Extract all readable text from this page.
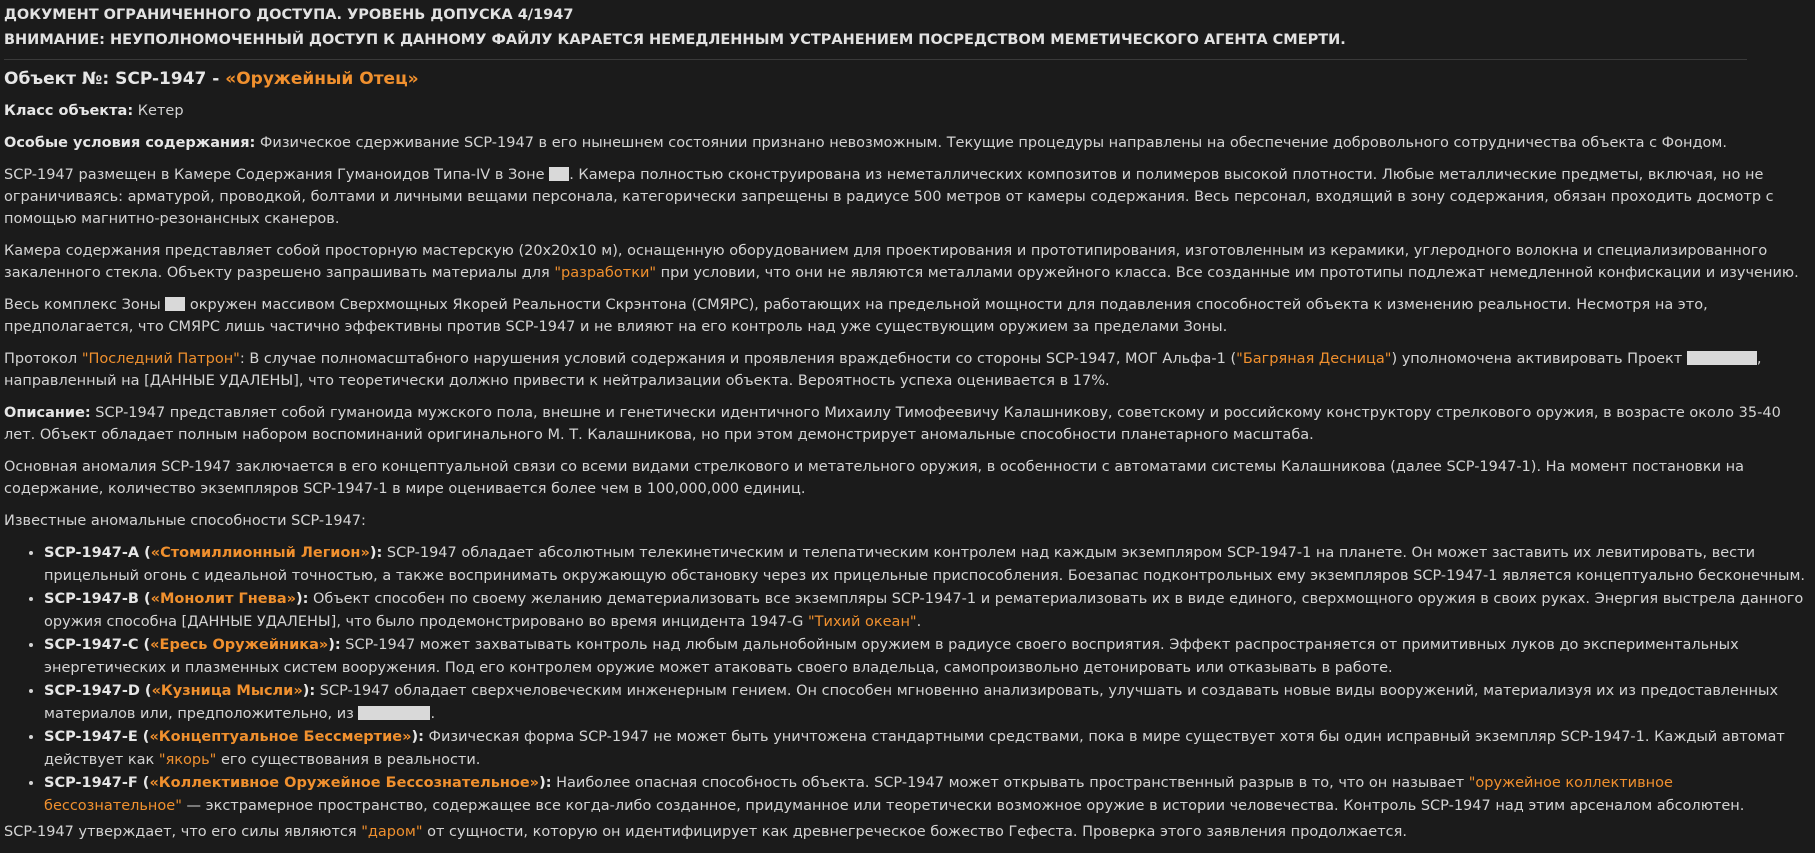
ДОКУМЕНТ ОГРАНИЧЕННОГО ДОСТУПА. УРОВЕНЬ ДОПУСКА 4/1947
ВНИМАНИЕ: НЕУПОЛНОМОЧЕННЫЙ ДОСТУП К ДАННОМУ ФАЙЛУ КАРАЕТСЯ НЕМЕДЛЕННЫМ УСТРАНЕНИЕМ ПОСРЕДСТВОМ МЕМЕТИЧЕСКОГО АГЕНТА СМЕРТИ.
Объект №: SCP-1947 - «Оружейный Отец»

Класс объекта: Кетер

Особые условия содержания: Физическое сдерживание SCP-1947 в его нынешнем состоянии признано невозможным. Текущие процедуры направлены на обеспечение добровольного сотрудничества объекта с Фондом.

SCP-1947 размещен в Камере Содержания Гуманоидов Типа-IV в Зоне . Камера полностью сконструирована из неметаллических композитов и полимеров высокой плотности. Любые металлические предметы, включая, но не ограничиваясь: арматурой, проводкой, болтами и личными вещами персонала, категорически запрещены в радиусе 500 метров от камеры содержания. Весь персонал, входящий в зону содержания, обязан проходить досмотр с помощью магнитно-резонансных сканеров.

Камера содержания представляет собой просторную мастерскую (20x20x10 м), оснащенную оборудованием для проектирования и прототипирования, изготовленным из керамики, углеродного волокна и специализированного закаленного стекла. Объекту разрешено запрашивать материалы для "разработки" при условии, что они не являются металлами оружейного класса. Все созданные им прототипы подлежат немедленной конфискации и изучению.

Весь комплекс Зоны  окружен массивом Сверхмощных Якорей Реальности Скрэнтона (СМЯРС), работающих на предельной мощности для подавления способностей объекта к изменению реальности. Несмотря на это, предполагается, что СМЯРС лишь частично эффективны против SCP-1947 и не влияют на его контроль над уже существующим оружием за пределами Зоны.

Протокол "Последний Патрон": В случае полномасштабного нарушения условий содержания и проявления враждебности со стороны SCP-1947, МОГ Альфа-1 ("Багряная Десница") уполномочена активировать Проект	, направленный на [ДАННЫЕ УДАЛЕНЫ], что теоретически должно привести к нейтрализации объекта. Вероятность успеха оценивается в 17%.

Описание: SCP-1947 представляет собой гуманоида мужского пола, внешне и генетически идентичного Михаилу Тимофеевичу Калашникову, советскому и российскому конструктору стрелкового оружия, в возрасте около 35-40 лет. Объект обладает полным набором воспоминаний оригинального М. Т. Калашникова, но при этом демонстрирует аномальные способности планетарного масштаба.

Основная аномалия SCP-1947 заключается в его концептуальной связи со всеми видами стрелкового и метательного оружия, в особенности с автоматами системы Калашникова (далее SCP-1947-1). На момент постановки на содержание, количество экземпляров SCP-1947-1 в мире оценивается более чем в 100,000,000 единиц.

Известные аномальные способности SCP-1947:

• SCP-1947-A («Стомиллионный Легион»): SCP-1947 обладает абсолютным телекинетическим и телепатическим контролем над каждым экземпляром SCP-1947-1 на планете. Он может заставить их левитировать, вести прицельный огонь с идеальной точностью, а также воспринимать окружающую обстановку через их прицельные приспособления. Боезапас подконтрольных ему экземпляров SCP-1947-1 является концептуально бесконечным.
• SCP-1947-B («Монолит Гнева»): Объект способен по своему желанию дематериализовать все экземпляры SCP-1947-1 и рематериализовать их в виде единого, сверхмощного оружия в своих руках. Энергия выстрела данного оружия способна [ДАННЫЕ УДАЛЕНЫ], что было продемонстрировано во время инцидента 1947-G "Тихий океан".
• SCP-1947-C («Ересь Оружейника»): SCP-1947 может захватывать контроль над любым дальнобойным оружием в радиусе своего восприятия. Эффект распространяется от примитивных луков до экспериментальных энергетических и плазменных систем вооружения. Под его контролем оружие может атаковать своего владельца, самопроизвольно детонировать или отказывать в работе.
• SCP-1947-D («Кузница Мысли»): SCP-1947 обладает сверхчеловеческим инженерным гением. Он способен мгновенно анализировать, улучшать и создавать новые виды вооружений, материализуя их из предоставленных материалов или, предположительно, из	.
• SCP-1947-E («Концептуальное Бессмертие»): Физическая форма SCP-1947 не может быть уничтожена стандартными средствами, пока в мире существует хотя бы один исправный экземпляр SCP-1947-1. Каждый автомат действует как "якорь" его существования в реальности.
• SCP-1947-F («Коллективное Оружейное Бессознательное»): Наиболее опасная способность объекта. SCP-1947 может открывать пространственный разрыв в то, что он называет "оружейное коллективное бессознательное" — экстрамерное пространство, содержащее все когда-либо созданное, придуманное или теоретически возможное оружие в истории человечества. Контроль SCP-1947 над этим арсеналом абсолютен.

SCP-1947 утверждает, что его силы являются "даром" от сущности, которую он идентифицирует как древнегреческое божество Гефеста. Проверка этого заявления продолжается.
